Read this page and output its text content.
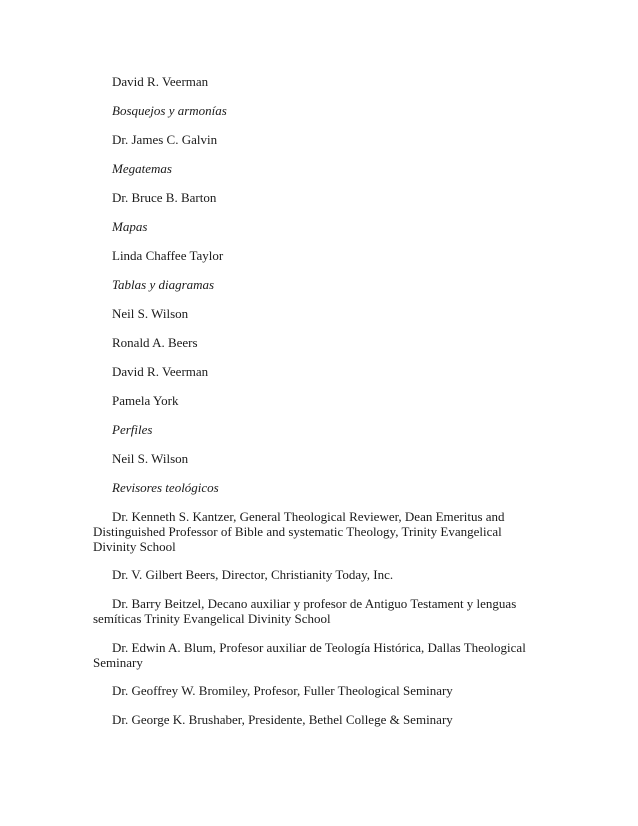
David R. Veerman
Bosquejos y armonías
Dr. James C. Galvin
Megatemas
Dr. Bruce B. Barton
Mapas
Linda Chaffee Taylor
Tablas y diagramas
Neil S. Wilson
Ronald A. Beers
David R. Veerman
Pamela York
Perfiles
Neil S. Wilson
Revisores teológicos
Dr. Kenneth S. Kantzer, General Theological Reviewer, Dean Emeritus and Distinguished Professor of Bible and systematic Theology, Trinity Evangelical Divinity School
Dr. V. Gilbert Beers, Director, Christianity Today, Inc.
Dr. Barry Beitzel, Decano auxiliar y profesor de Antiguo Testament y lenguas semíticas Trinity Evangelical Divinity School
Dr. Edwin A. Blum, Profesor auxiliar de Teología Histórica, Dallas Theological Seminary
Dr. Geoffrey W. Bromiley, Profesor, Fuller Theological Seminary
Dr. George K. Brushaber, Presidente, Bethel College & Seminary
